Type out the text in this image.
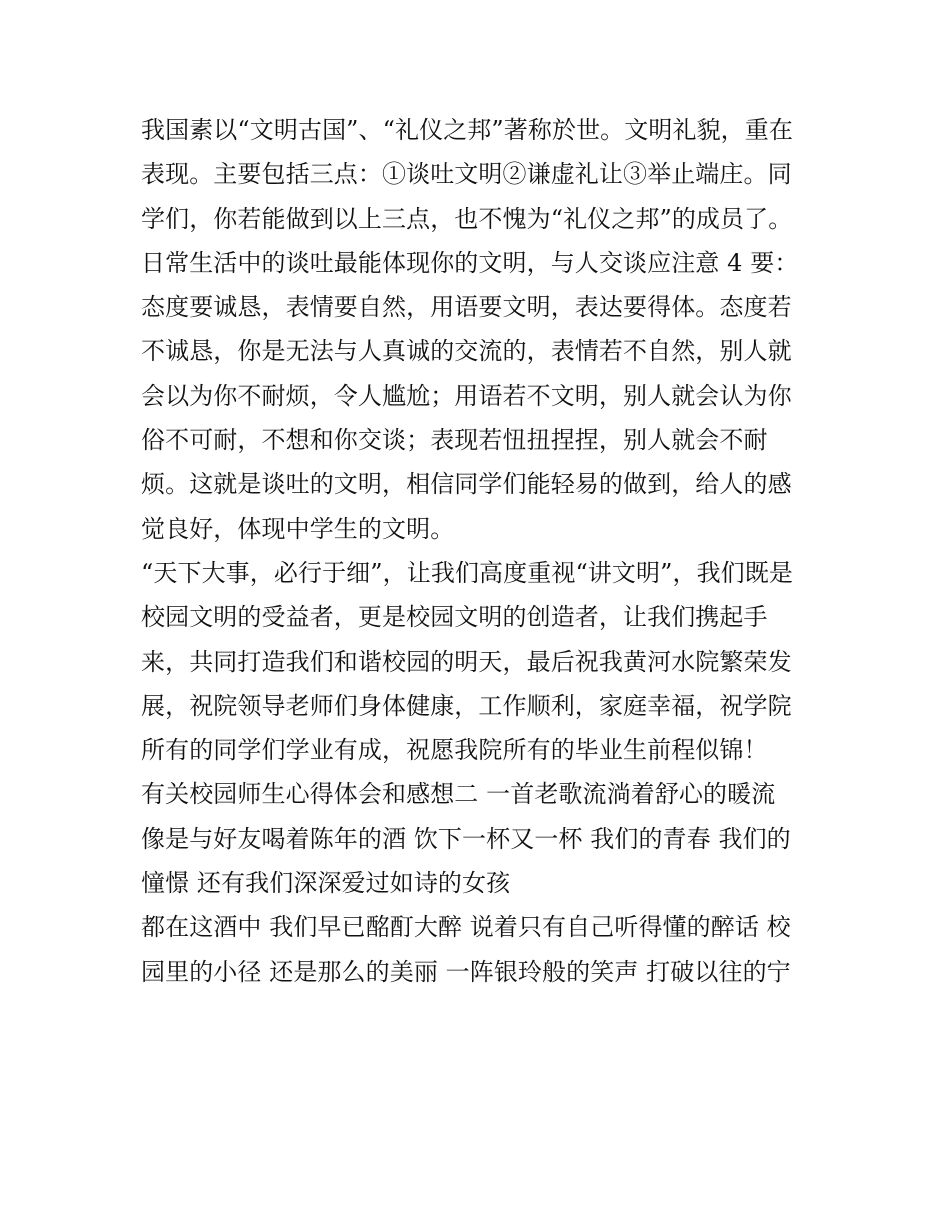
我国素以“文明古国”、“礼仪之邦”著称於世。文明礼貌，重在
表现。主要包括三点：①谈吐文明②谦虚礼让③举止端庄。同
学们，你若能做到以上三点，也不愧为“礼仪之邦”的成员了。
日常生活中的谈吐最能体现你的文明，与人交谈应注意 4 要：
态度要诚恳，表情要自然，用语要文明，表达要得体。态度若
不诚恳，你是无法与人真诚的交流的，表情若不自然，别人就
会以为你不耐烦，令人尴尬；用语若不文明，别人就会认为你
俗不可耐，不想和你交谈；表现若忸扭捏捏，别人就会不耐
烦。这就是谈吐的文明，相信同学们能轻易的做到，给人的感
觉良好，体现中学生的文明。
“天下大事，必行于细”，让我们高度重视“讲文明”，我们既是
校园文明的受益者，更是校园文明的创造者，让我们携起手
来，共同打造我们和谐校园的明天，最后祝我黄河水院繁荣发
展，祝院领导老师们身体健康，工作顺利，家庭幸福，祝学院
所有的同学们学业有成，祝愿我院所有的毕业生前程似锦！
有关校园师生心得体会和感想二 一首老歌流淌着舒心的暖流
像是与好友喝着陈年的酒 饮下一杯又一杯 我们的青春 我们的
憧憬 还有我们深深爱过如诗的女孩
都在这酒中 我们早已酩酊大醉 说着只有自己听得懂的醉话 校
园里的小径 还是那么的美丽 一阵银玲般的笑声 打破以往的宁
